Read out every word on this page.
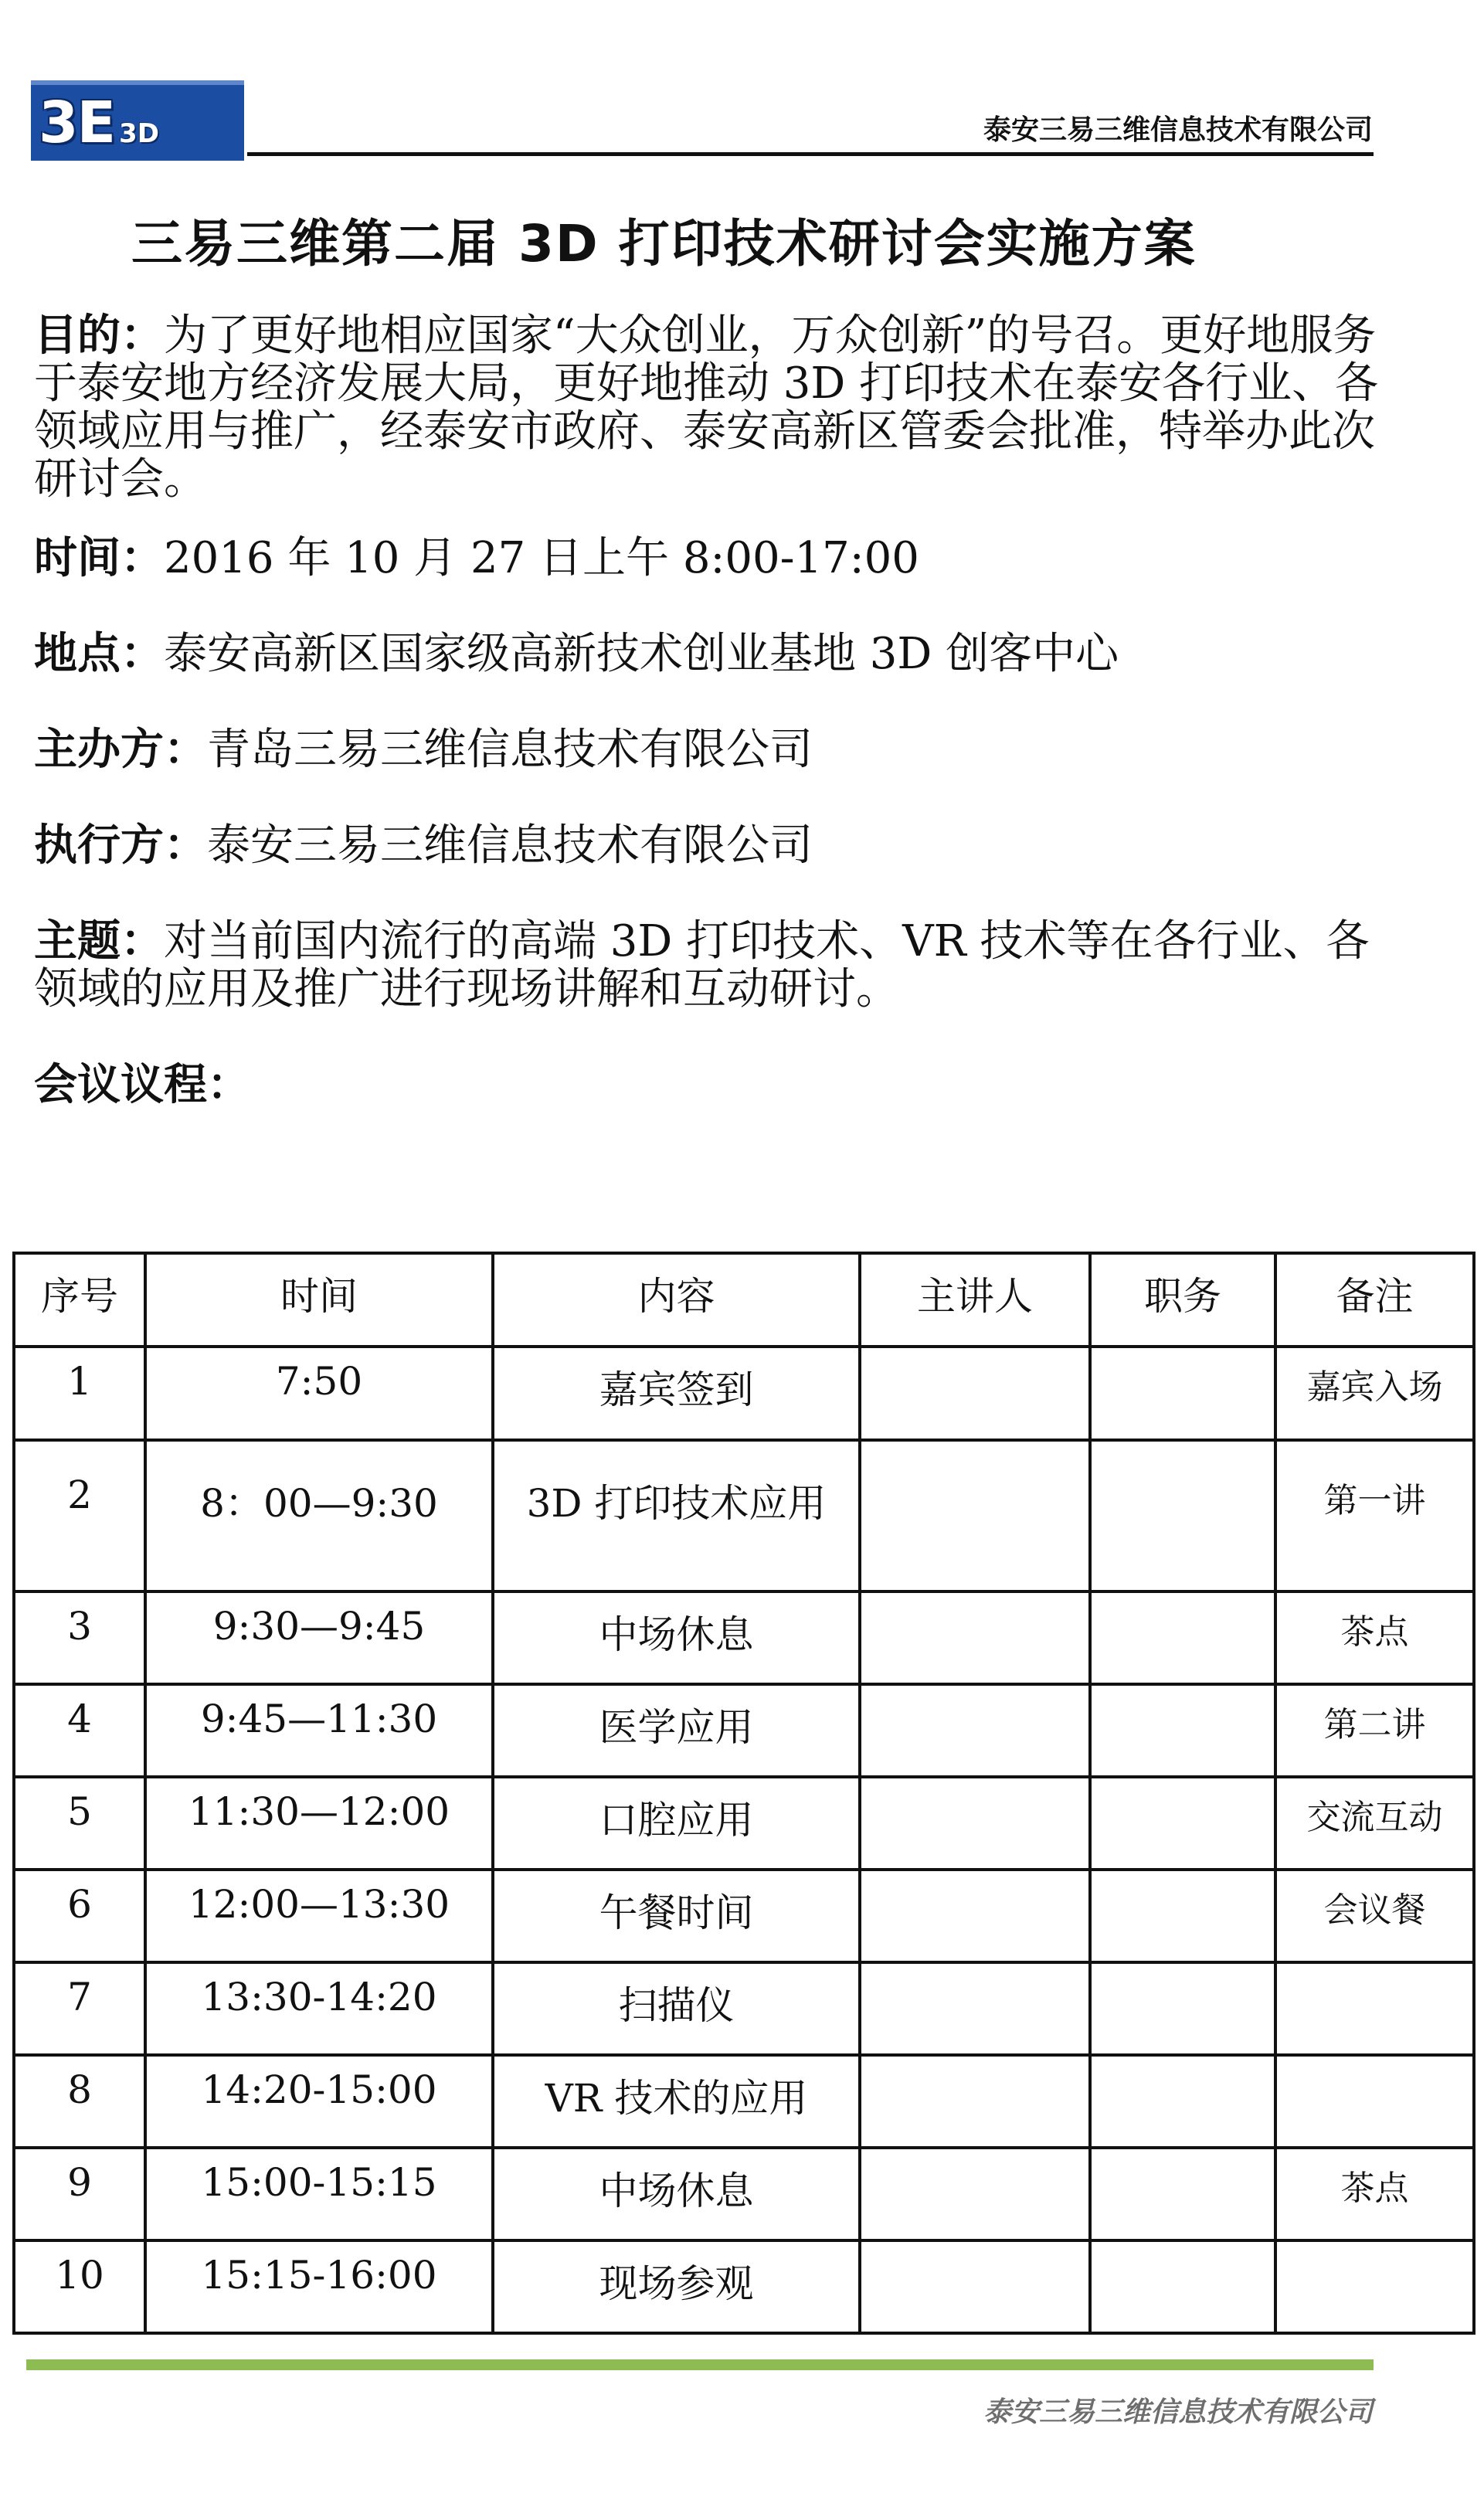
3E 3D	泰安三易三维信息技术有限公司
三易三维第二届 3D 打印技术研讨会实施方案

目的：为了更好地相应国家“大众创业，万众创新”的号召。更好地服务于泰安地方经济发展大局，更好地推动 3D 打印技术在泰安各行业、各领域应用与推广，经泰安市政府、泰安高新区管委会批准，特举办此次研讨会。

时间：2016 年 10 月 27 日上午 8:00-17:00

地点：泰安高新区国家级高新技术创业基地 3D 创客中心

主办方：青岛三易三维信息技术有限公司

执行方：泰安三易三维信息技术有限公司

主题：对当前国内流行的高端 3D 打印技术、VR 技术等在各行业、各领域的应用及推广进行现场讲解和互动研讨。

会议议程：

序号	时间	内容	主讲人	职务	备注
1	7:50	嘉宾签到			嘉宾入场
2	8：00—9:30	3D 打印技术应用			第一讲
3	9:30—9:45	中场休息			茶点
4	9:45—11:30	医学应用			第二讲
5	11:30—12:00	口腔应用			交流互动
6	12:00—13:30	午餐时间			会议餐
7	13:30-14:20	扫描仪			
8	14:20-15:00	VR 技术的应用			
9	15:00-15:15	中场休息			茶点
10	15:15-16:00	现场参观			
泰安三易三维信息技术有限公司
